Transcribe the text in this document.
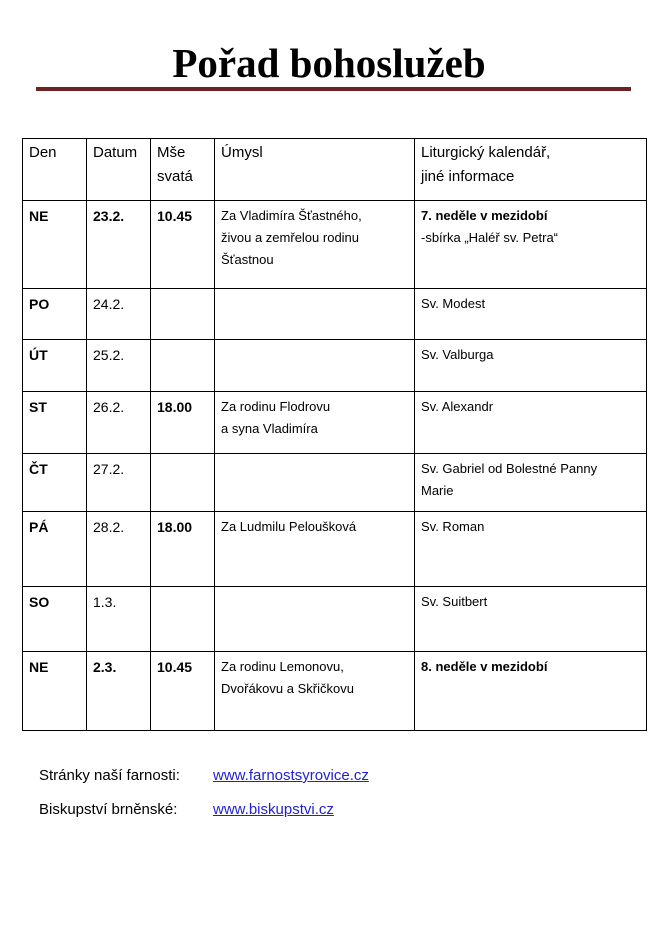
Pořad bohoslužeb
Den	Datum	Mše
svatá	Úmysl	Liturgický kalendář,
jiné informace

NE	23.2.	10.45	Za Vladimíra Šťastného,
živou a zemřelou rodinu
Šťastnou	7. neděle v mezidobí
-sbírka „Haléř sv. Petra“

PO	24.2.			Sv. Modest

ÚT	25.2.			Sv. Valburga

ST	26.2.	18.00	Za rodinu Flodrovu
a syna Vladimíra	Sv. Alexandr

ČT	27.2.			Sv. Gabriel od Bolestné Panny
Marie

PÁ	28.2.	18.00	Za Ludmilu Peloušková	Sv. Roman

SO	1.3.			Sv. Suitbert

NE	2.3.	10.45	Za rodinu Lemonovu,
Dvořákovu a Skřičkovu	8. neděle v mezidobí
Stránky naší farnosti: www.farnostsyrovice.cz
Biskupství brněnské: www.biskupstvi.cz
